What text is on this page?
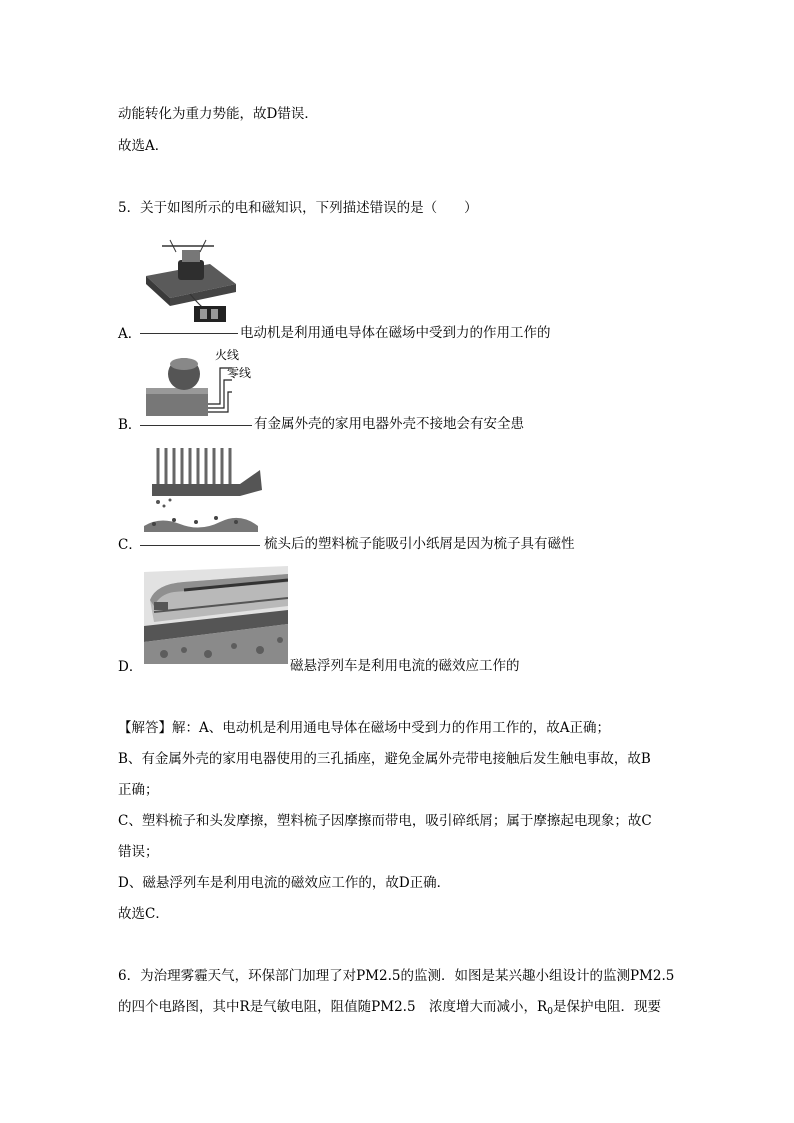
动能转化为重力势能，故D错误．
故选A．
5．关于如图所示的电和磁知识，下列描述错误的是（　　）
A．	电动机是利用通电导体在磁场中受到力的作用工作的
火线
零线
B．	有金属外壳的家用电器外壳不接地会有安全患
C．	梳头后的塑料梳子能吸引小纸屑是因为梳子具有磁性
D．	磁悬浮列车是利用电流的磁效应工作的
【解答】解：A、电动机是利用通电导体在磁场中受到力的作用工作的，故A正确；
B、有金属外壳的家用电器使用的三孔插座，避免金属外壳带电接触后发生触电事故，故B
正确；
C、塑料梳子和头发摩擦，塑料梳子因摩擦而带电，吸引碎纸屑；属于摩擦起电现象；故C
错误；
D、磁悬浮列车是利用电流的磁效应工作的，故D正确．
故选C．
6．为治理雾霾天气，环保部门加理了对PM2.5的监测．如图是某兴趣小组设计的监测PM2.5
的四个电路图，其中R是气敏电阻，阻值随PM2.5　浓度增大而减小，$R_0$是保护电阻．现要
